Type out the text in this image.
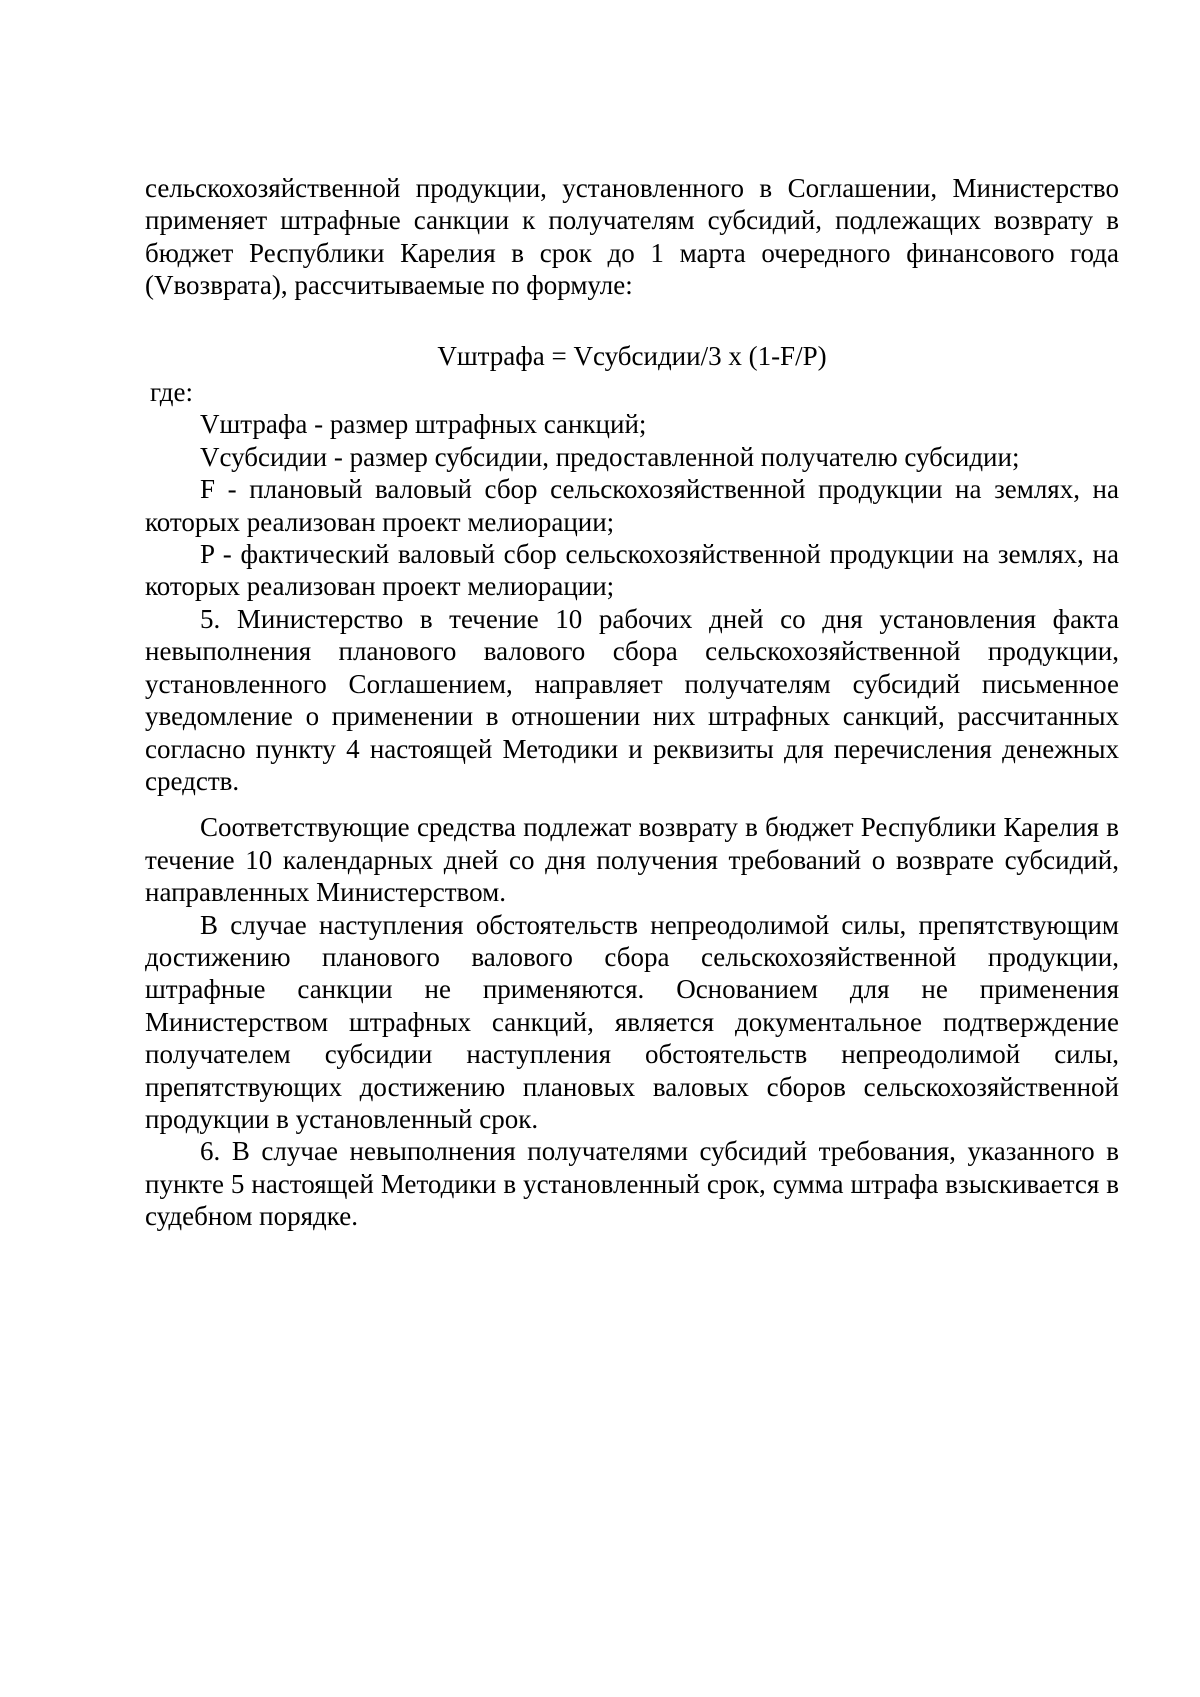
сельскохозяйственной продукции, установленного в Соглашении, Министерство применяет штрафные санкции к получателям субсидий, подлежащих возврату в бюджет Республики Карелия в срок до 1 марта очередного финансового года (Vвозврата), рассчитываемые по формуле:

Vштрафа = Vсубсидии/3 x (1-F/P)

где:

Vштрафа - размер штрафных санкций;

Vсубсидии - размер субсидии, предоставленной получателю субсидии;

F - плановый валовый сбор сельскохозяйственной продукции на землях, на которых реализован проект мелиорации;

P - фактический валовый сбор сельскохозяйственной продукции на землях, на которых реализован проект мелиорации;

5. Министерство в течение 10 рабочих дней со дня установления факта невыполнения планового валового сбора сельскохозяйственной продукции, установленного Соглашением, направляет получателям субсидий письменное уведомление о применении в отношении них штрафных санкций, рассчитанных согласно пункту 4 настоящей Методики и реквизиты для перечисления денежных средств.

Соответствующие средства подлежат возврату в бюджет Республики Карелия в течение 10 календарных дней со дня получения требований о возврате субсидий, направленных Министерством.

В случае наступления обстоятельств непреодолимой силы, препятствующим достижению планового валового сбора сельскохозяйственной продукции, штрафные санкции не применяются. Основанием для не применения Министерством штрафных санкций, является документальное подтверждение получателем субсидии наступления обстоятельств непреодолимой силы, препятствующих достижению плановых валовых сборов сельскохозяйственной продукции в установленный срок.

6. В случае невыполнения получателями субсидий требования, указанного в пункте 5 настоящей Методики в установленный срок, сумма штрафа взыскивается в судебном порядке.
